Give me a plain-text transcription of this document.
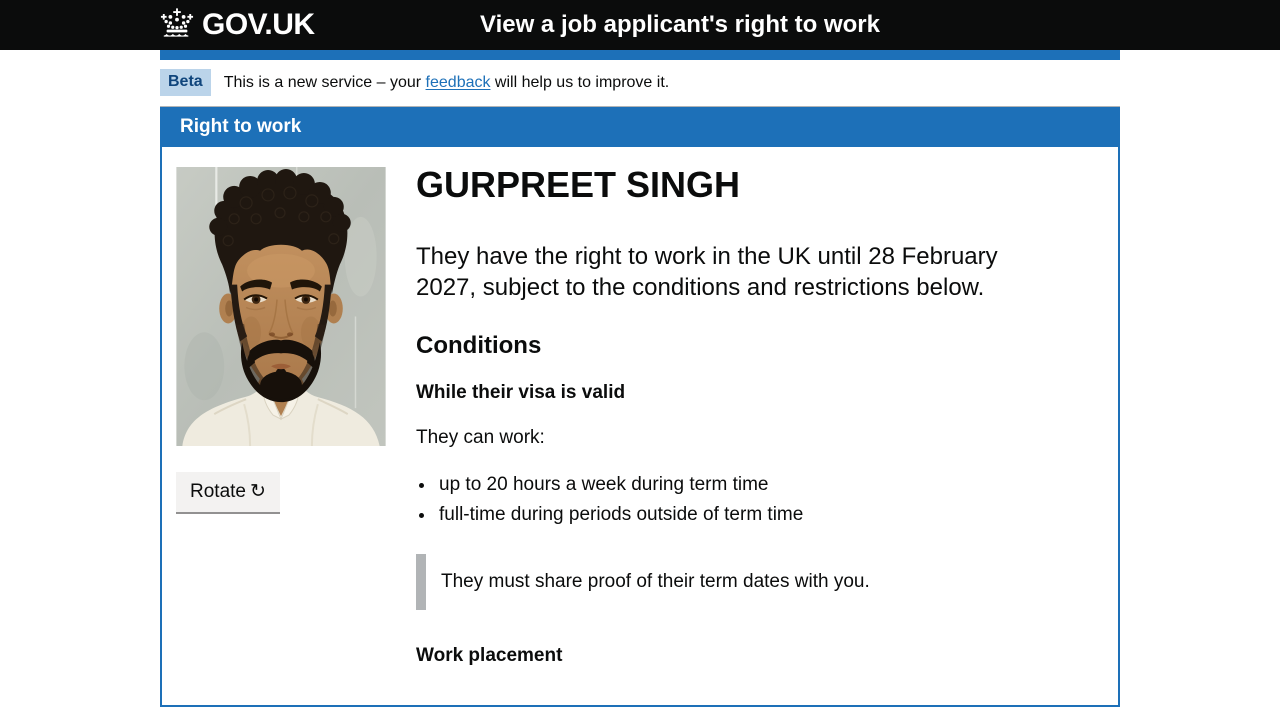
GOV.UK	View a job applicant's right to work
Beta	This is a new service – your feedback will help us to improve it.
Right to work
Rotate ↻
GURPREET SINGH

They have the right to work in the UK until 28 February 2027, subject to the conditions and restrictions below.

Conditions
While their visa is valid

They can work:

• up to 20 hours a week during term time
• full-time during periods outside of term time
They must share proof of their term dates with you.
Work placement
